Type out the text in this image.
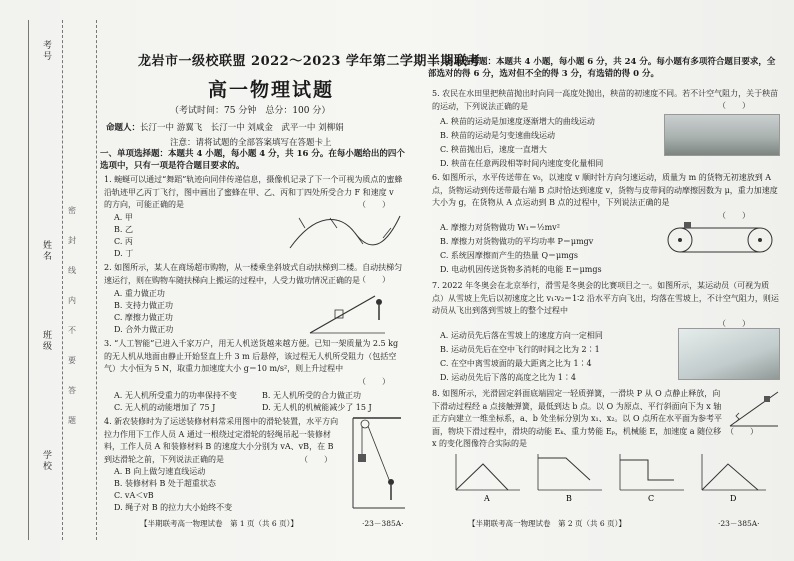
考号
姓名
班级
学校
密
封
线
内
不
要
答
题
龙岩市一级校联盟 2022～2023 学年第二学期半期联考
高一物理试题
（考试时间：75 分钟　总分：100 分）
命题人：长汀一中 游翼飞　长汀一中 刘咸金　武平一中 刘柳娟
注意：请将试题的全部答案填写在答题卡上
一、单项选择题：本题共 4 小题，每小题 4 分，共 16 分。在每小题给出的四个选项中，只有一项是符合题目要求的。
1. 蜿蜒可以通过“舞蹈”轨迹向同伴传递信息，摄像机记录了下一个可视为质点的蜜蜂沿轨迹甲乙丙丁飞行，图中画出了蜜蜂在甲、乙、丙和丁四处所受合力 F 和速度 v 的方向，可能正确的是	（　　）
A. 甲
B. 乙
C. 丙
D. 丁
2. 如图所示，某人在商场超市购物，从一楼乘坐斜坡式自动扶梯到二楼。自动扶梯匀速运行，则在购物车随扶梯向上搬运的过程中，人受力做功情况正确的是
（　　）
A. 重力做正功
B. 支持力做正功
C. 摩擦力做正功
D. 合外力做正功
3. “人工智能”已进入千家万户，用无人机送货越来越方便。已知一架质量为 2.5 kg 的无人机从地面由静止开始竖直上升 3 m 后悬停，该过程无人机所受阻力（包括空气）大小恒为 5 N，取重力加速度大小 g＝10 m/s²，则上升过程中
（　　）
A. 无人机所受重力的功率保持不变	B. 无人机所受的合力做正功
C. 无人机的动能增加了 75 J	D. 无人机的机械能减少了 15 J
4. 新农装修时为了运送装修材料常采用图中的滑轮装置，水平方向拉力作用下工作人员 A 通过一根绕过定滑轮的轻绳吊起一装修材料，工作人员 A 和装修材料 B 的速度大小分别为 vA、vB，在 B 到达滑轮之前，下列说法正确的是	（　　）
A. B 向上做匀速直线运动
B. 装修材料 B 处于超重状态
C. vA＜vB
D. 绳子对 B 的拉力大小始终不变
【半期联考高一物理试卷　第 1 页（共 6 页）】	·23－385A·
二、多项选择题：本题共 4 小题，每小题 6 分，共 24 分。每小题有多项符合题目要求，全部选对的得 6 分，选对但不全的得 3 分，有选错的得 0 分。
5. 农民在水田里把秧苗抛出时向同一高度处抛出，秧苗的初速度不同。若不计空气阻力，关于秧苗的运动，下列说法正确的是	（　　）
A. 秧苗的运动是加速度逐渐增大的曲线运动
B. 秧苗的运动是匀变速曲线运动
C. 秧苗抛出后，速度一直增大
D. 秧苗在任意两段相等时间内速度变化量相同
6. 如图所示，水平传送带在 v₀，以速度 v 顺时针方向匀速运动，质量为 m 的货物无初速放到 A 点，货物运动到传送带最右端 B 点时恰达到速度 v，货物与皮带间的动摩擦因数为 μ，重力加速度大小为 g，在货物从 A 点运动到 B 点的过程中，下列说法正确的是
（　　）
A. 摩擦力对货物做功 W₁＝½mv²
B. 摩擦力对货物做功的平均功率 P＝μmgv
C. 系统因摩擦而产生的热量 Q＝μmgs
D. 电动机因传送货物多消耗的电能 E＝μmgs
7. 2022 年冬奥会在北京举行，滑雪是冬奥会的比赛项目之一。如图所示，某运动员（可视为质点）从雪坡上先后以初速度之比 v₁∶v₂＝1∶2 沿水平方向飞出，均落在雪坡上，不计空气阻力，则运动员从飞出到落到雪坡上的整个过程中
（　　）
A. 运动员先后落在雪坡上的速度方向一定相同
B. 运动员先后在空中飞行的时间之比为 2∶1
C. 在空中离雪坡面的最大距离之比为 1∶4
D. 运动员先后下落的高度之比为 1∶4
8. 如图所示，光滑固定斜面底端固定一轻质弹簧，一滑块 P 从 O 点静止释放，向下滑动过程经 a 点接触弹簧，最低到达 b 点。以 O 为原点、平行斜面向下为 x 轴正方向建立一维坐标系，a、b 处坐标分别为 x₁、x₂。以 O 点所在水平面为参考平面，物块下滑过程中，滑块的动能 Eₖ、重力势能 Eₚ，机械能 E，加速度 a 随位移 x 的变化图像符合实际的是
（　　）
A	B	C	D
【半期联考高一物理试卷　第 2 页（共 6 页）】	·23－385A·
